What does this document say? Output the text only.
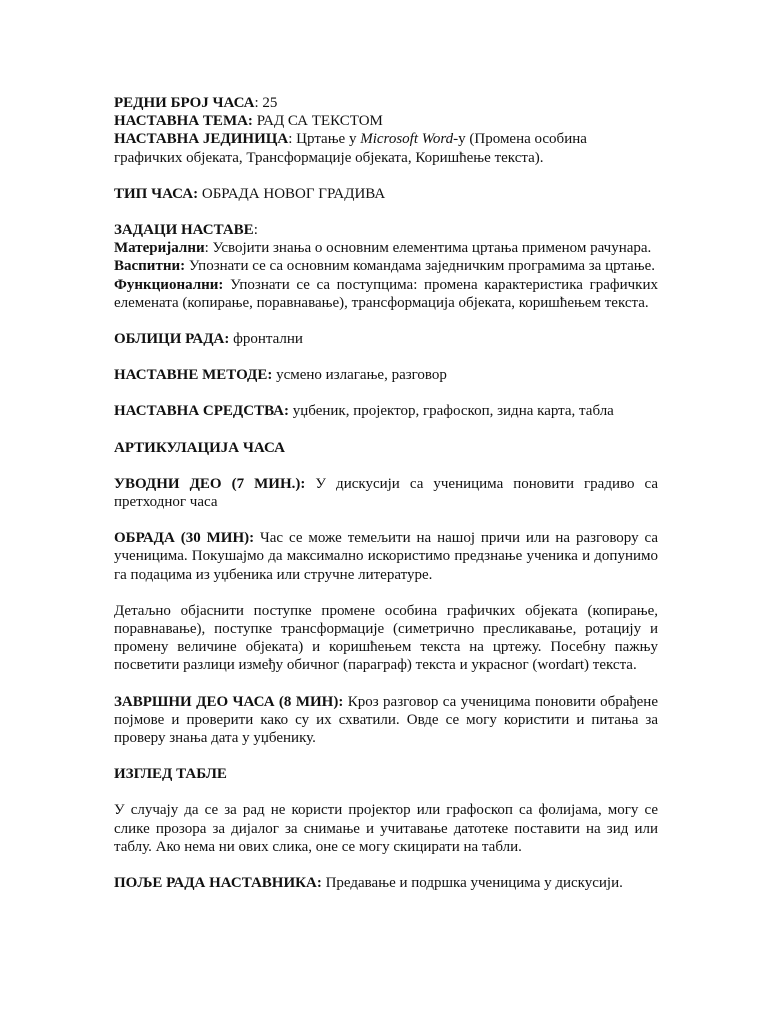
РЕДНИ БРОЈ ЧАСА: 25

НАСТАВНА ТЕМА: РАД СА ТЕКСТОМ

НАСТАВНА ЈЕДИНИЦА: Цртање у Microsoft Word-у (Промена особина графичких објеката, Трансформације објеката, Коришћење текста).

ТИП ЧАСА: ОБРАДА НОВОГ ГРАДИВА

ЗАДАЦИ НАСТАВЕ:

Материјални: Усвојити знања о основним елементима цртања применом рачунара.

Васпитни: Упознати се са основним командама заједничким програмима за цртање.

Функционални: Упознати се са поступцима: промена карактеристика графичких елемената (копирање, поравнавање), трансформација објеката, коришћењем текста.

ОБЛИЦИ РАДА: фронтални

НАСТАВНЕ МЕТОДЕ: усмено излагање, разговор

НАСТАВНА СРЕДСТВА: уџбеник, пројектор, графоскоп, зидна карта, табла

АРТИКУЛАЦИЈА ЧАСА

УВОДНИ ДЕО (7 МИН.): У дискусији са ученицима поновити градиво са претходног часа

ОБРАДА (30 МИН): Час се може темељити на нашој причи или на разговору са ученицима. Покушајмо да максимално искористимо предзнање ученика и допунимо га подацима из уџбеника или стручне литературе.

Детаљно објаснити поступке промене особина графичких објеката (копирање, поравнавање), поступке трансформације (симетрично пресликавање, ротацију и промену величине објеката) и коришћењем текста на цртежу. Посебну пажњу посветити разлици између обичног (параграф) текста и украсног (wordart) текста.

ЗАВРШНИ ДЕО ЧАСА (8 МИН): Кроз разговор са ученицима поновити обрађене појмове и проверити како су их схватили. Овде се могу користити и питања за проверу знања дата у уџбенику.

ИЗГЛЕД ТАБЛЕ

У случају да се за рад не користи пројектор или графоскоп са фолијама, могу се слике прозора за дијалог за снимање и учитавање датотеке поставити на зид или таблу. Ако нема ни ових слика, оне се могу скицирати на табли.

ПОЉЕ РАДА НАСТАВНИКА: Предавање и подршка ученицима у дискусији.
